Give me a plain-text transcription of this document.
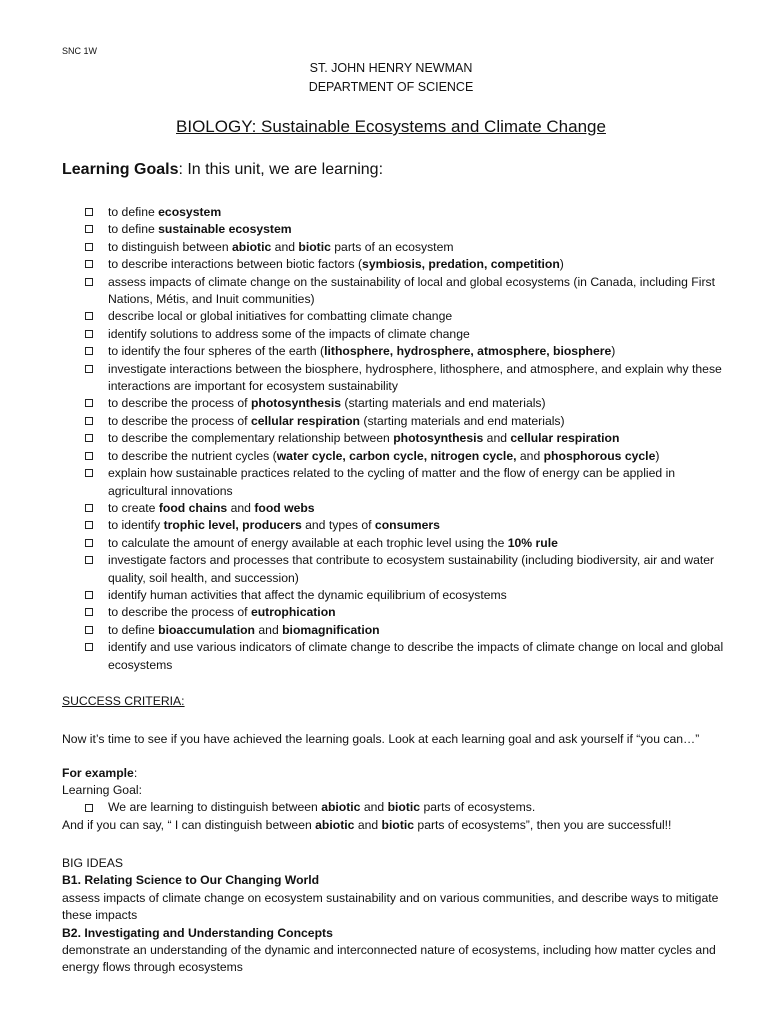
SNC 1W
ST. JOHN HENRY NEWMAN
DEPARTMENT OF SCIENCE
BIOLOGY: Sustainable Ecosystems and Climate Change
Learning Goals: In this unit, we are learning:
to define ecosystem
to define sustainable ecosystem
to distinguish between abiotic and biotic parts of an ecosystem
to describe interactions between biotic factors (symbiosis, predation, competition)
assess impacts of climate change on the sustainability of local and global ecosystems (in Canada, including First Nations, Métis, and Inuit communities)
describe local or global initiatives for combatting climate change
identify solutions to address some of the impacts of climate change
to identify the four spheres of the earth (lithosphere, hydrosphere, atmosphere, biosphere)
investigate interactions between the biosphere, hydrosphere, lithosphere, and atmosphere, and explain why these interactions are important for ecosystem sustainability
to describe the process of photosynthesis (starting materials and end materials)
to describe the process of cellular respiration (starting materials and end materials)
to describe the complementary relationship between photosynthesis and cellular respiration
to describe the nutrient cycles (water cycle, carbon cycle, nitrogen cycle, and phosphorous cycle)
explain how sustainable practices related to the cycling of matter and the flow of energy can be applied in agricultural innovations
to create food chains and food webs
to identify trophic level, producers and types of consumers
to calculate the amount of energy available at each trophic level using the 10% rule
investigate factors and processes that contribute to ecosystem sustainability (including biodiversity, air and water quality, soil health, and succession)
identify human activities that affect the dynamic equilibrium of ecosystems
to describe the process of eutrophication
to define bioaccumulation and biomagnification
identify and use various indicators of climate change to describe the impacts of climate change on local and global ecosystems
SUCCESS CRITERIA:
Now it’s time to see if you have achieved the learning goals. Look at each learning goal and ask yourself if “you can…”
For example:
Learning Goal:
We are learning to distinguish between abiotic and biotic parts of ecosystems.
And if you can say, “ I can distinguish between abiotic and biotic parts of ecosystems”, then you are successful!!
BIG IDEAS
B1. Relating Science to Our Changing World
assess impacts of climate change on ecosystem sustainability and on various communities, and describe ways to mitigate these impacts
B2. Investigating and Understanding Concepts
demonstrate an understanding of the dynamic and interconnected nature of ecosystems, including how matter cycles and energy flows through ecosystems
